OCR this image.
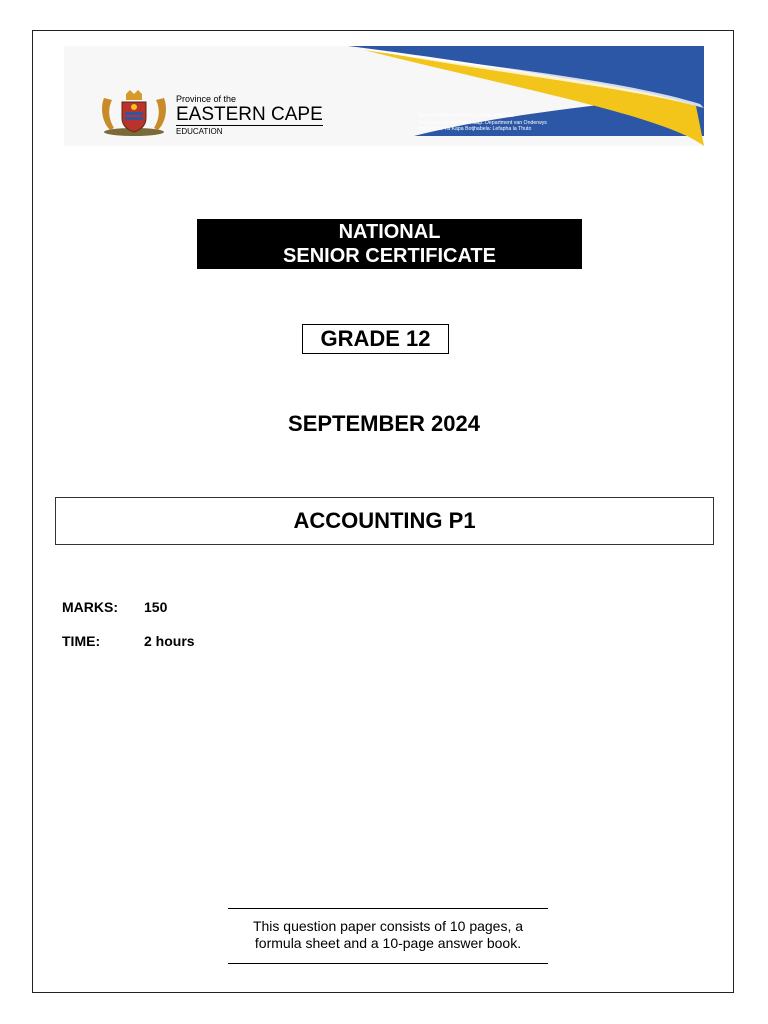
Province of the
EASTERN CAPE
EDUCATION
Iphondo leMpuma Koloni: Isebe leMfundo
Provinsie van die Oos-Kaap: Department van Onderwys
Porafensie Ya Kapa Botjhabela: Lefapha la Thuto
NATIONAL
SENIOR CERTIFICATE
GRADE 12
SEPTEMBER 2024
ACCOUNTING P1
MARKS: 150
TIME:	2 hours
This question paper consists of 10 pages, a
formula sheet and a 10-page answer book.
